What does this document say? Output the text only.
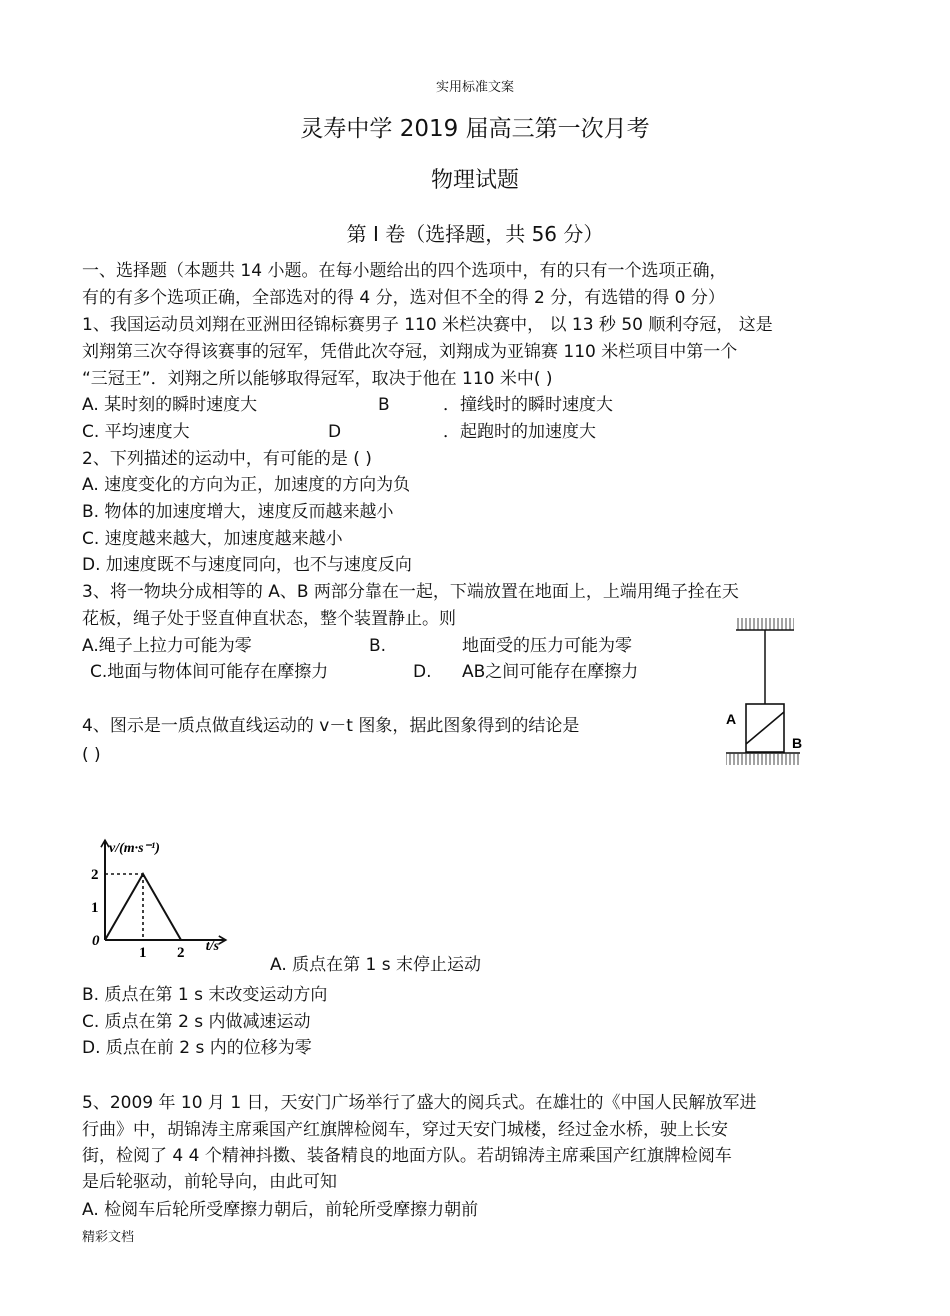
实用标准文案
灵寿中学 2019 届高三第一次月考
物理试题
第 I 卷（选择题，共 56 分）
一、选择题（本题共 14 小题。在每小题给出的四个选项中，有的只有一个选项正确，
有的有多个选项正确，全部选对的得 4 分，选对但不全的得 2 分，有选错的得 0 分）
1、我国运动员刘翔在亚洲田径锦标赛男子 110 米栏决赛中， 以 13 秒 50 顺利夺冠， 这是
刘翔第三次夺得该赛事的冠军，凭借此次夺冠，刘翔成为亚锦赛 110 米栏项目中第一个
“三冠王”．刘翔之所以能够取得冠军，取决于他在 110 米中( )
A. 某时刻的瞬时速度大	B	．撞线时的瞬时速度大
C. 平均速度大	D	．起跑时的加速度大
2、下列描述的运动中，有可能的是 ( )
A. 速度变化的方向为正，加速度的方向为负
B. 物体的加速度增大，速度反而越来越小
C. 速度越来越大，加速度越来越小
D. 加速度既不与速度同向，也不与速度反向
3、将一物块分成相等的 A、B 两部分靠在一起，下端放置在地面上，上端用绳子拴在天
花板，绳子处于竖直伸直状态，整个装置静止。则
A.绳子上拉力可能为零	B.	地面受的压力可能为零
C.地面与物体间可能存在摩擦力	D. AB之间可能存在摩擦力
A
B
4、图示是一质点做直线运动的 v－t 图象，据此图象得到的结论是
( )
v/(m·s⁻¹)
t/s
0
1 2
1
2
A. 质点在第 1 s 末停止运动
B. 质点在第 1 s 末改变运动方向
C. 质点在第 2 s 内做减速运动
D. 质点在前 2 s 内的位移为零
5、2009 年 10 月 1 日，天安门广场举行了盛大的阅兵式。在雄壮的《中国人民解放军进
行曲》中，胡锦涛主席乘国产红旗牌检阅车，穿过天安门城楼，经过金水桥，驶上长安
街，检阅了 4 4 个精神抖擞、装备精良的地面方队。若胡锦涛主席乘国产红旗牌检阅车
是后轮驱动，前轮导向，由此可知
A. 检阅车后轮所受摩擦力朝后，前轮所受摩擦力朝前
精彩文档
